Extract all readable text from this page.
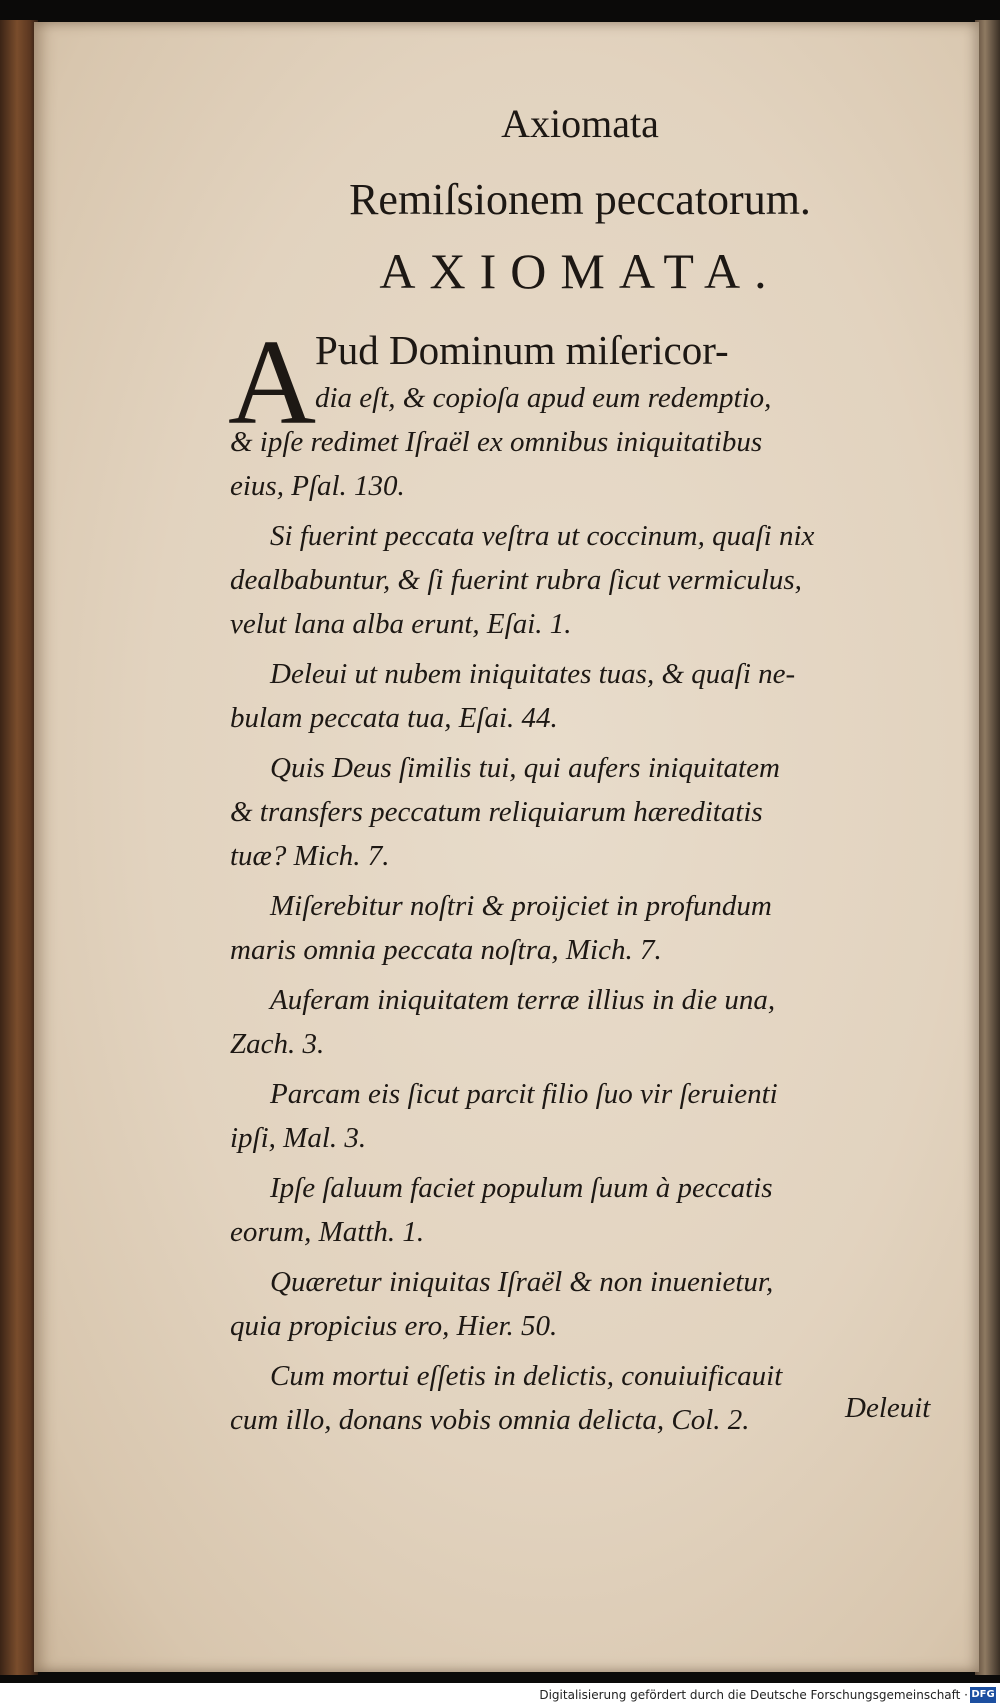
Axiomata
Remiſsionem peccatorum.
AXIOMATA.
A
Pud Dominum miſericor-
dia eſt, & copioſa apud eum redemptio,
& ipſe redimet Iſraël ex omnibus iniquitatibus
eius, Pſal. 130.
Si fuerint peccata veſtra ut coccinum, quaſi nix
dealbabuntur, & ſi fuerint rubra ſicut vermiculus,
velut lana alba erunt, Eſai. 1.
Deleui ut nubem iniquitates tuas, & quaſi ne-
bulam peccata tua, Eſai. 44.
Quis Deus ſimilis tui, qui aufers iniquitatem
& transfers peccatum reliquiarum hæreditatis
tuæ? Mich. 7.
Miſerebitur noſtri & proijciet in profundum
maris omnia peccata noſtra, Mich. 7.
Auferam iniquitatem terræ illius in die una,
Zach. 3.
Parcam eis ſicut parcit filio ſuo vir ſeruienti
ipſi, Mal. 3.
Ipſe ſaluum faciet populum ſuum à peccatis
eorum, Matth. 1.
Quæretur iniquitas Iſraël & non inuenietur,
quia propicius ero, Hier. 50.
Cum mortui eſſetis in delictis, conuiuificauit
cum illo, donans vobis omnia delicta, Col. 2.	Deleuit
Digitalisierung gefördert durch die Deutsche Forschungsgemeinschaft · DFG
